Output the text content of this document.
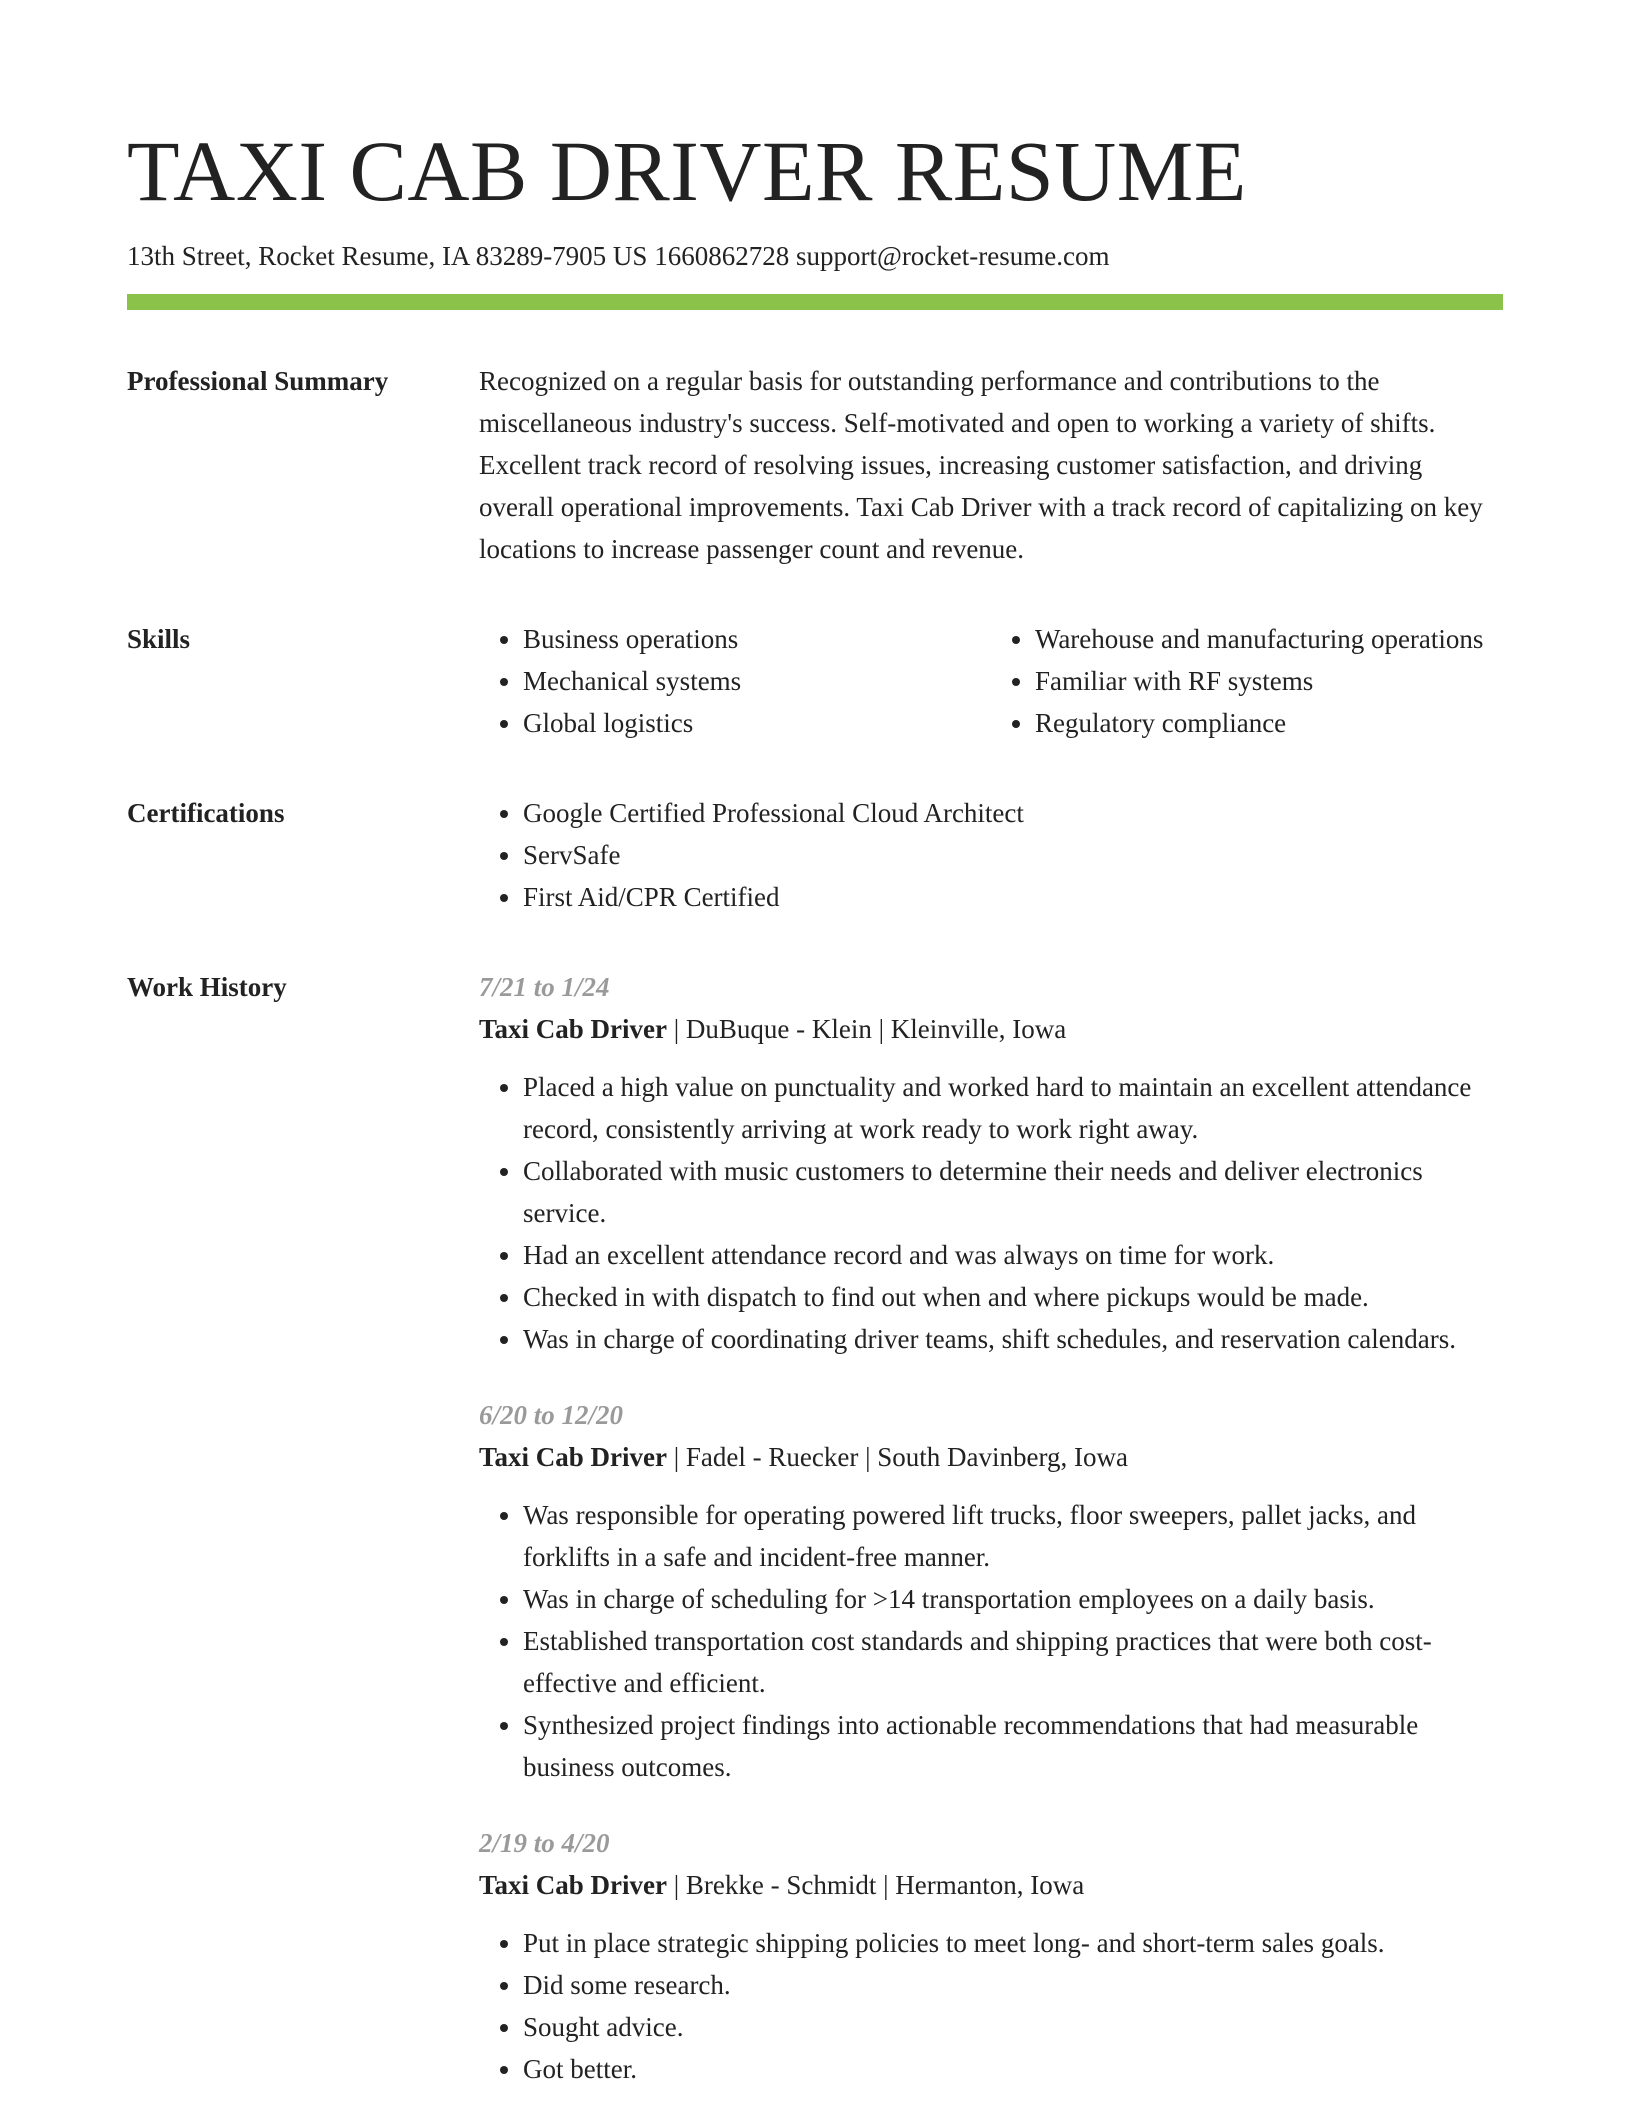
TAXI CAB DRIVER RESUME
13th Street, Rocket Resume, IA 83289-7905 US 1660862728 support@rocket-resume.com
Professional Summary	Recognized on a regular basis for outstanding performance and contributions to the miscellaneous industry's success. Self-motivated and open to working a variety of shifts. Excellent track record of resolving issues, increasing customer satisfaction, and driving overall operational improvements. Taxi Cab Driver with a track record of capitalizing on key locations to increase passenger count and revenue.
Skills	• Business operations
• Mechanical systems
• Global logistics
• Warehouse and manufacturing operations
• Familiar with RF systems
• Regulatory compliance
Certifications	• Google Certified Professional Cloud Architect
• ServSafe
• First Aid/CPR Certified
Work History	7/21 to 1/24
Taxi Cab Driver | DuBuque - Klein | Kleinville, Iowa
• Placed a high value on punctuality and worked hard to maintain an excellent attendance record, consistently arriving at work ready to work right away.
• Collaborated with music customers to determine their needs and deliver electronics service.
• Had an excellent attendance record and was always on time for work.
• Checked in with dispatch to find out when and where pickups would be made.
• Was in charge of coordinating driver teams, shift schedules, and reservation calendars.
6/20 to 12/20
Taxi Cab Driver | Fadel - Ruecker | South Davinberg, Iowa
• Was responsible for operating powered lift trucks, floor sweepers, pallet jacks, and forklifts in a safe and incident-free manner.
• Was in charge of scheduling for >14 transportation employees on a daily basis.
• Established transportation cost standards and shipping practices that were both cost-effective and efficient.
• Synthesized project findings into actionable recommendations that had measurable business outcomes.
2/19 to 4/20
Taxi Cab Driver | Brekke - Schmidt | Hermanton, Iowa
• Put in place strategic shipping policies to meet long- and short-term sales goals.
• Did some research.
• Sought advice.
• Got better.
